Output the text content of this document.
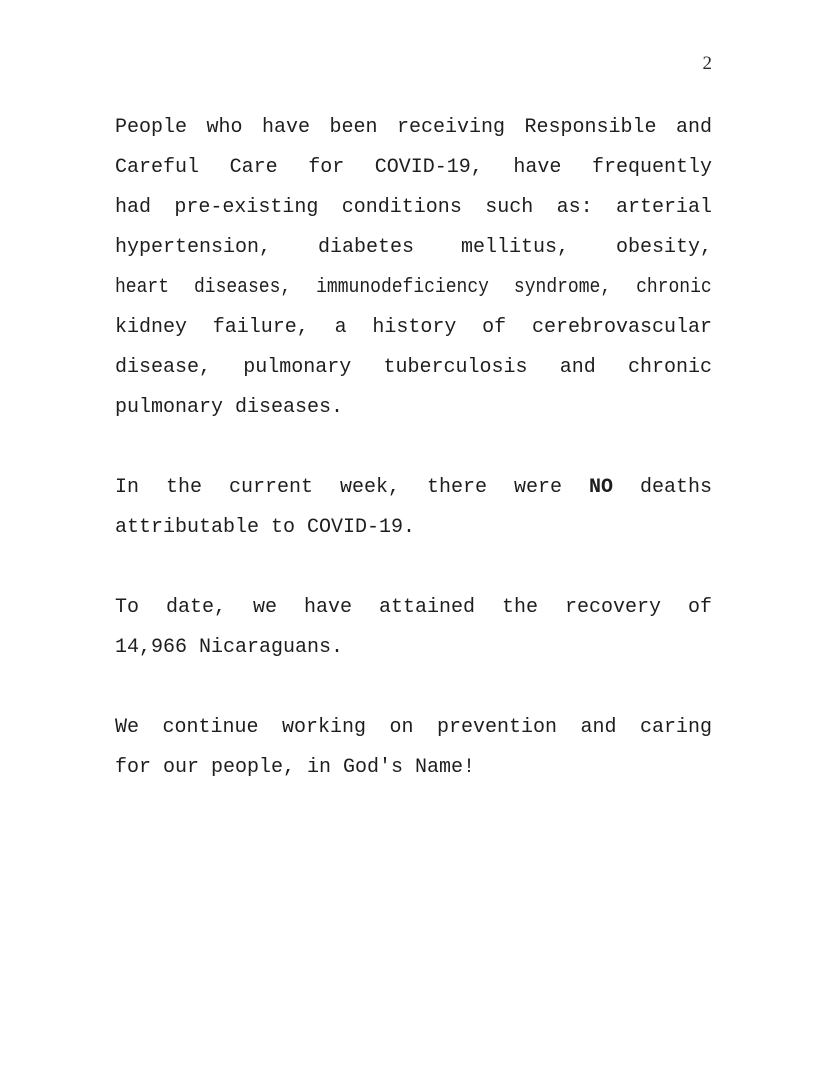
2
People who have been receiving Responsible and
Careful Care for COVID-19, have frequently
had pre-existing conditions such as: arterial
hypertension, diabetes mellitus, obesity,
heart diseases, immunodeficiency syndrome, chronic
kidney failure, a history of cerebrovascular
disease, pulmonary tuberculosis and chronic
pulmonary diseases.
In the current week, there were NO deaths
attributable to COVID-19.
To date, we have attained the recovery of
14,966 Nicaraguans.
We continue working on prevention and caring
for our people, in God's Name!
